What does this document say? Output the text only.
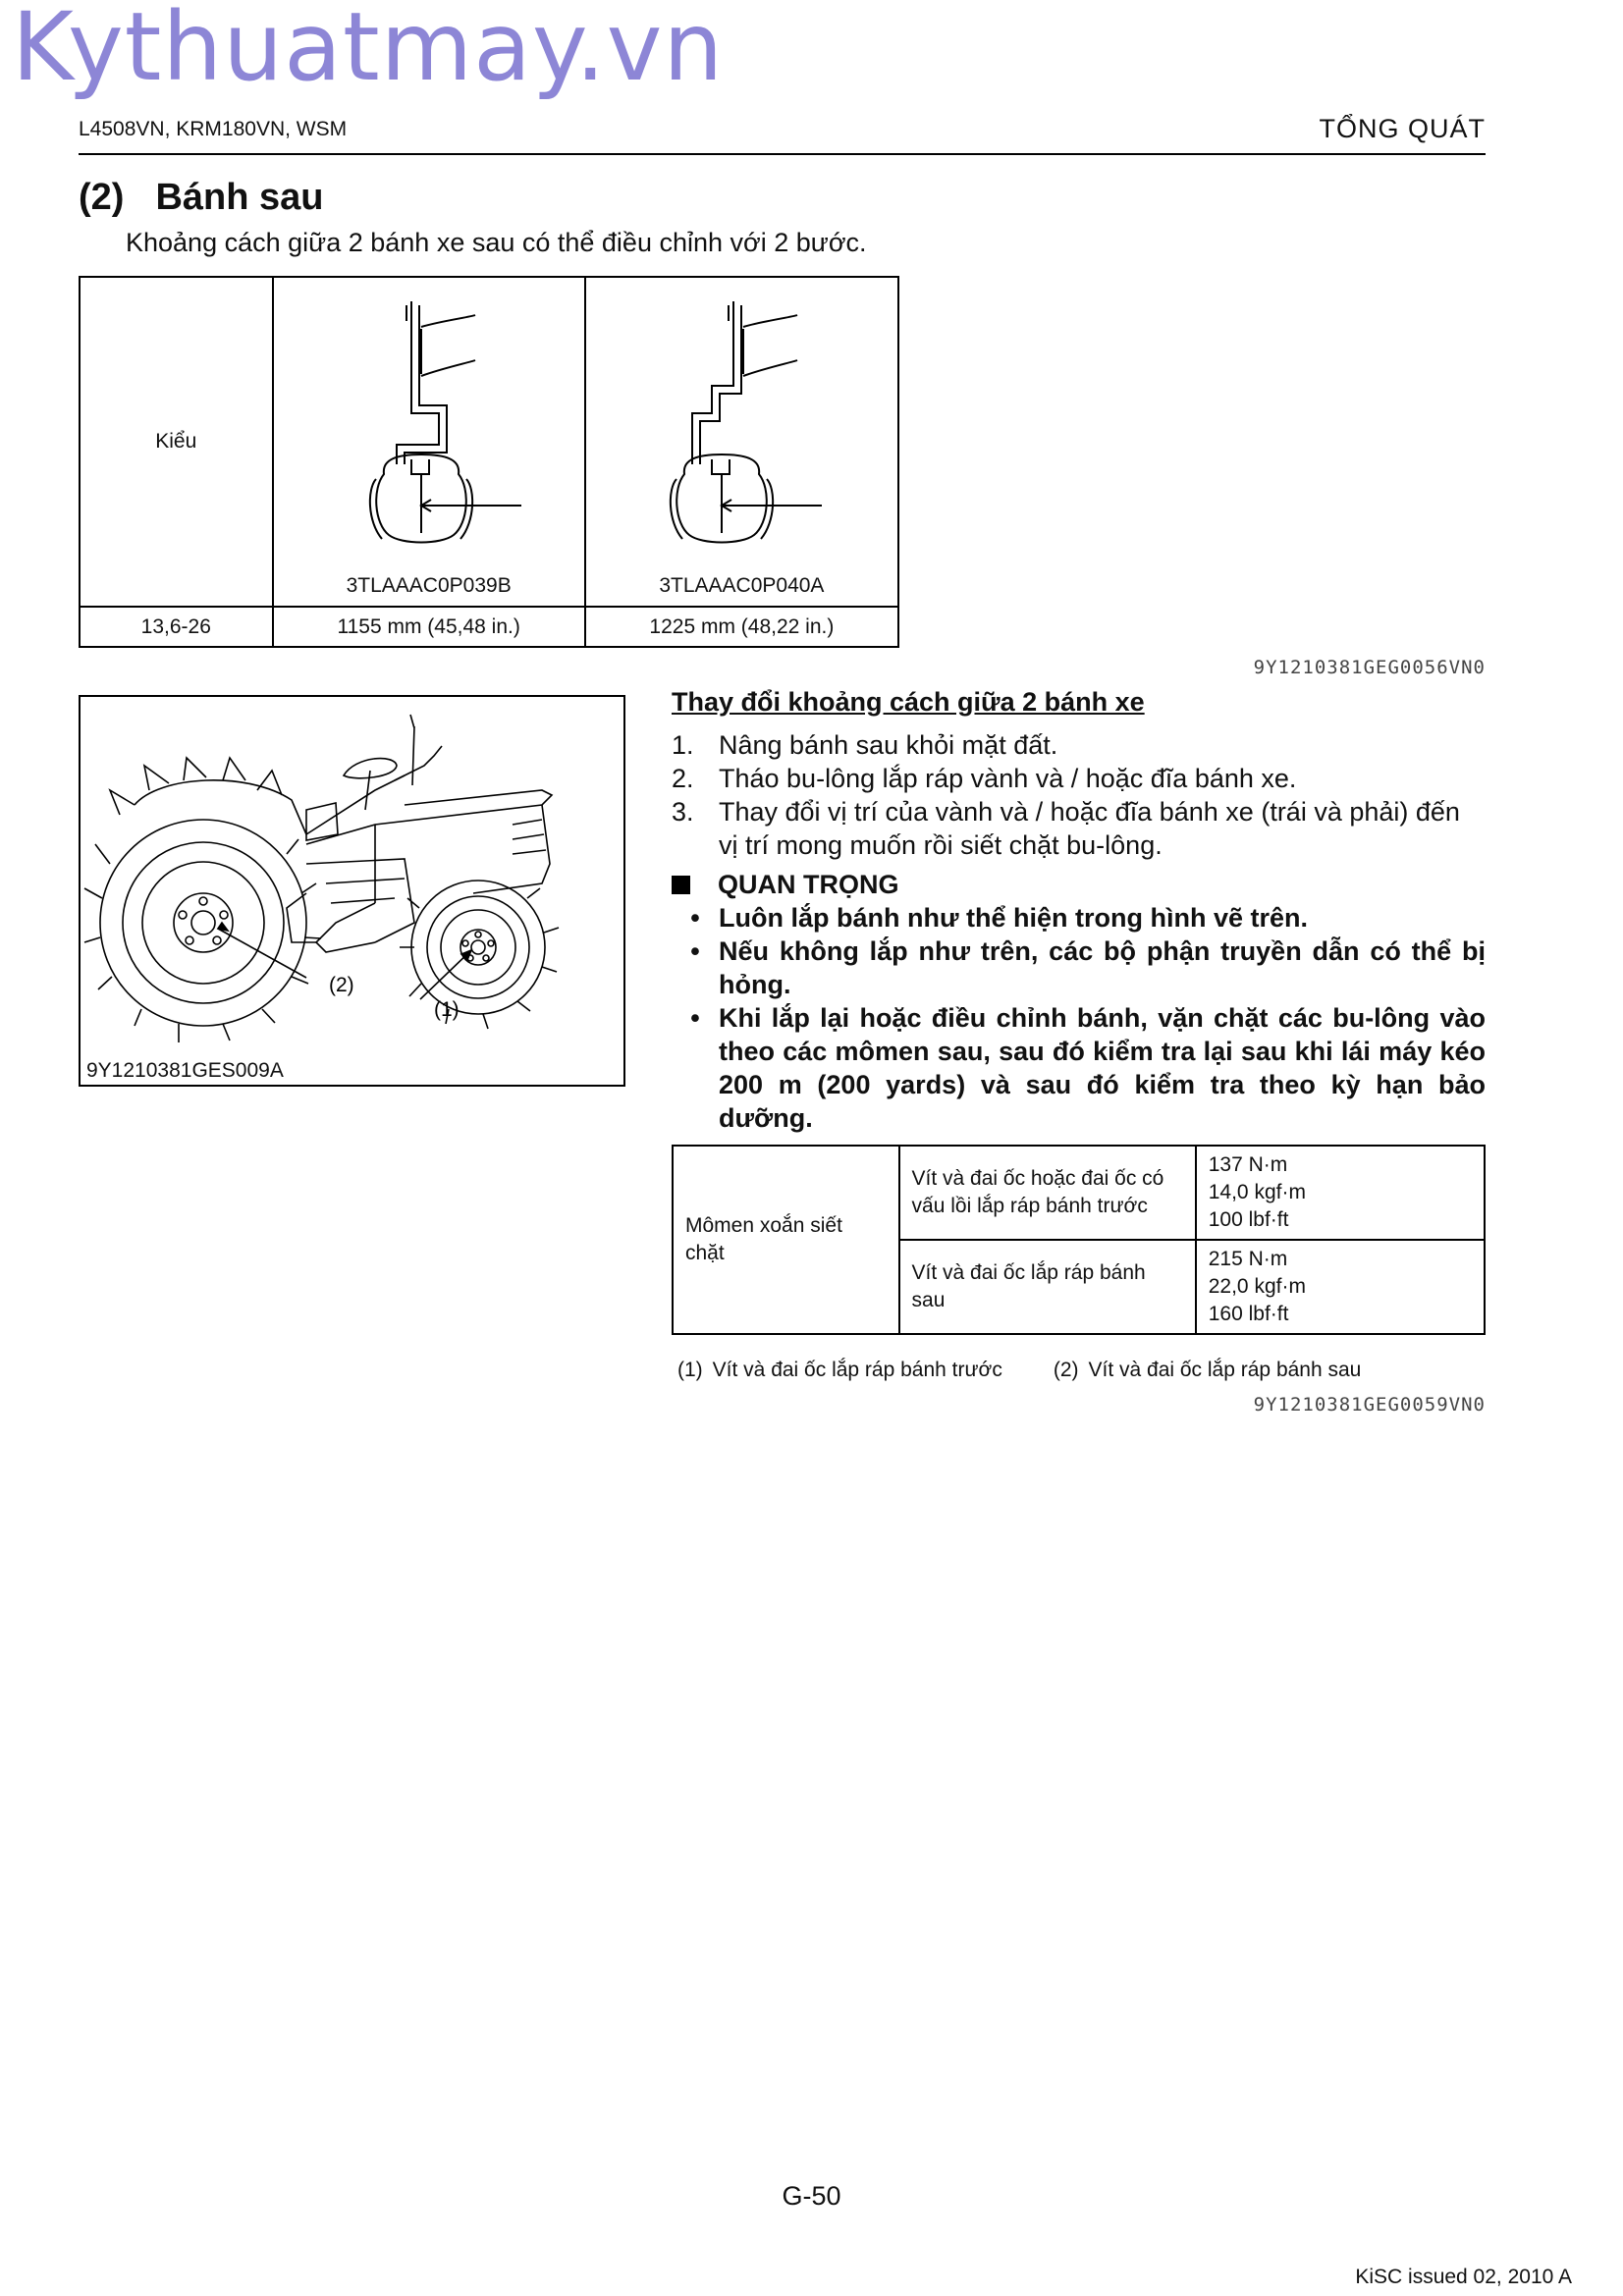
Kythuatmay.vn
L4508VN, KRM180VN, WSM	TỔNG QUÁT
(2) Bánh sau
Khoảng cách giữa 2 bánh xe sau có thể điều chỉnh với 2 bước.
Kiểu	3TLAAAC0P039B	3TLAAAC0P040A

13,6-26	1155 mm (45,48 in.)	1225 mm (48,22 in.)
9Y1210381GEG0056VN0
(2)
(1)
9Y1210381GES009A
Thay đổi khoảng cách giữa 2 bánh xe
1. Nâng bánh sau khỏi mặt đất.
2. Tháo bu-lông lắp ráp vành và / hoặc đĩa bánh xe.
3. Thay đổi vị trí của vành và / hoặc đĩa bánh xe (trái và phải) đến vị trí mong muốn rồi siết chặt bu-lông.
QUAN TRỌNG
• Luôn lắp bánh như thể hiện trong hình vẽ trên.
• Nếu không lắp như trên, các bộ phận truyền dẫn có thể bị hỏng.
• Khi lắp lại hoặc điều chỉnh bánh, vặn chặt các bu-lông vào theo các mômen sau, sau đó kiểm tra lại sau khi lái máy kéo 200 m (200 yards) và sau đó kiểm tra theo kỳ hạn bảo dưỡng.
Mômen xoắn siết chặt	Vít và đai ốc hoặc đai ốc có vấu lồi lắp ráp bánh trước	137 N·m
14,0 kgf·m
100 lbf·ft

	Vít và đai ốc lắp ráp bánh sau	215 N·m
22,0 kgf·m
160 lbf·ft
(1) Vít và đai ốc lắp ráp bánh trước (2) Vít và đai ốc lắp ráp bánh sau
9Y1210381GEG0059VN0
G-50
KiSC issued 02, 2010 A
